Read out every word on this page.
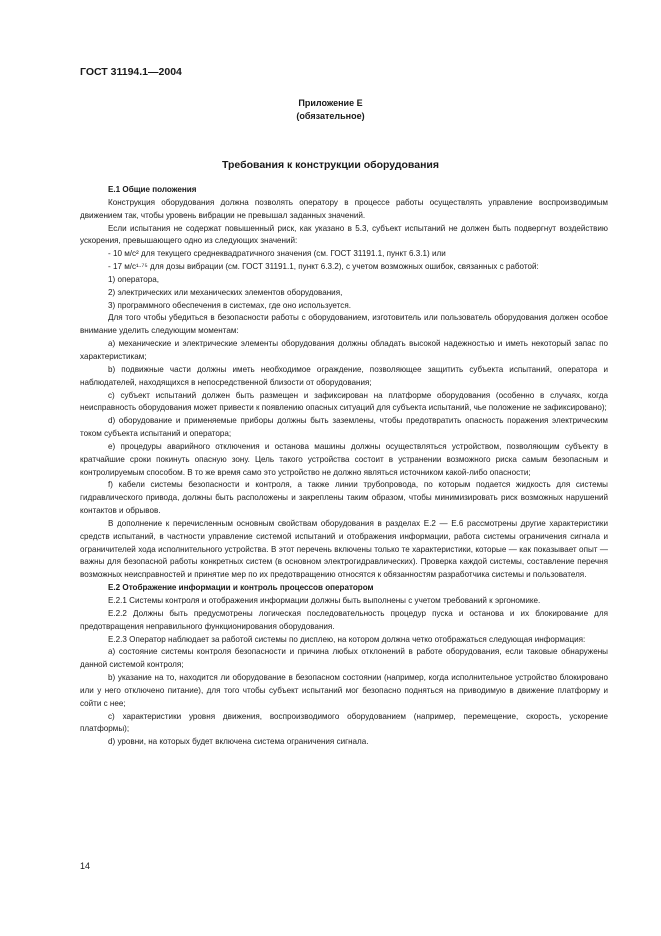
ГОСТ 31194.1—2004
Приложение Е
(обязательное)
Требования к конструкции оборудования

Е.1 Общие положения

Конструкция оборудования должна позволять оператору в процессе работы осуществлять управление воспроизводимым движением так, чтобы уровень вибрации не превышал заданных значений.

Если испытания не содержат повышенный риск, как указано в 5.3, субъект испытаний не должен быть подвергнут воздействию ускорения, превышающего одно из следующих значений:

- 10 м/с² для текущего среднеквадратичного значения (см. ГОСТ 31191.1, пункт 6.3.1) или

- 17 м/с¹·⁷⁵ для дозы вибрации (см. ГОСТ 31191.1, пункт 6.3.2), с учетом возможных ошибок, связанных с работой:

1) оператора,

2) электрических или механических элементов оборудования,

3) программного обеспечения в системах, где оно используется.

Для того чтобы убедиться в безопасности работы с оборудованием, изготовитель или пользователь оборудования должен особое внимание уделить следующим моментам:

а) механические и электрические элементы оборудования должны обладать высокой надежностью и иметь некоторый запас по характеристикам;

b) подвижные части должны иметь необходимое ограждение, позволяющее защитить субъекта испытаний, оператора и наблюдателей, находящихся в непосредственной близости от оборудования;

с) субъект испытаний должен быть размещен и зафиксирован на платформе оборудования (особенно в случаях, когда неисправность оборудования может привести к появлению опасных ситуаций для субъекта испытаний, чье положение не зафиксировано);

d) оборудование и применяемые приборы должны быть заземлены, чтобы предотвратить опасность поражения электрическим током субъекта испытаний и оператора;

е) процедуры аварийного отключения и останова машины должны осуществляться устройством, позволяющим субъекту в кратчайшие сроки покинуть опасную зону. Цель такого устройства состоит в устранении возможного риска самым безопасным и контролируемым способом. В то же время само это устройство не должно являться источником какой-либо опасности;

f) кабели системы безопасности и контроля, а также линии трубопровода, по которым подается жидкость для системы гидравлического привода, должны быть расположены и закреплены таким образом, чтобы минимизировать риск возможных нарушений контактов и обрывов.

В дополнение к перечисленным основным свойствам оборудования в разделах Е.2 — Е.6 рассмотрены другие характеристики средств испытаний, в частности управление системой испытаний и отображения информации, работа системы ограничения сигнала и ограничителей хода исполнительного устройства. В этот перечень включены только те характеристики, которые — как показывает опыт — важны для безопасной работы конкретных систем (в основном электрогидравлических). Проверка каждой системы, составление перечня возможных неисправностей и принятие мер по их предотвращению относятся к обязанностям разработчика системы и пользователя.

Е.2 Отображение информации и контроль процессов оператором

Е.2.1 Системы контроля и отображения информации должны быть выполнены с учетом требований к эргономике.

Е.2.2 Должны быть предусмотрены логическая последовательность процедур пуска и останова и их блокирование для предотвращения неправильного функционирования оборудования.

Е.2.3 Оператор наблюдает за работой системы по дисплею, на котором должна четко отображаться следующая информация:

а) состояние системы контроля безопасности и причина любых отклонений в работе оборудования, если таковые обнаружены данной системой контроля;

b) указание на то, находится ли оборудование в безопасном состоянии (например, когда исполнительное устройство блокировано или у него отключено питание), для того чтобы субъект испытаний мог безопасно подняться на приводимую в движение платформу и сойти с нее;

с) характеристики уровня движения, воспроизводимого оборудованием (например, перемещение, скорость, ускорение платформы);

d) уровни, на которых будет включена система ограничения сигнала.

14
